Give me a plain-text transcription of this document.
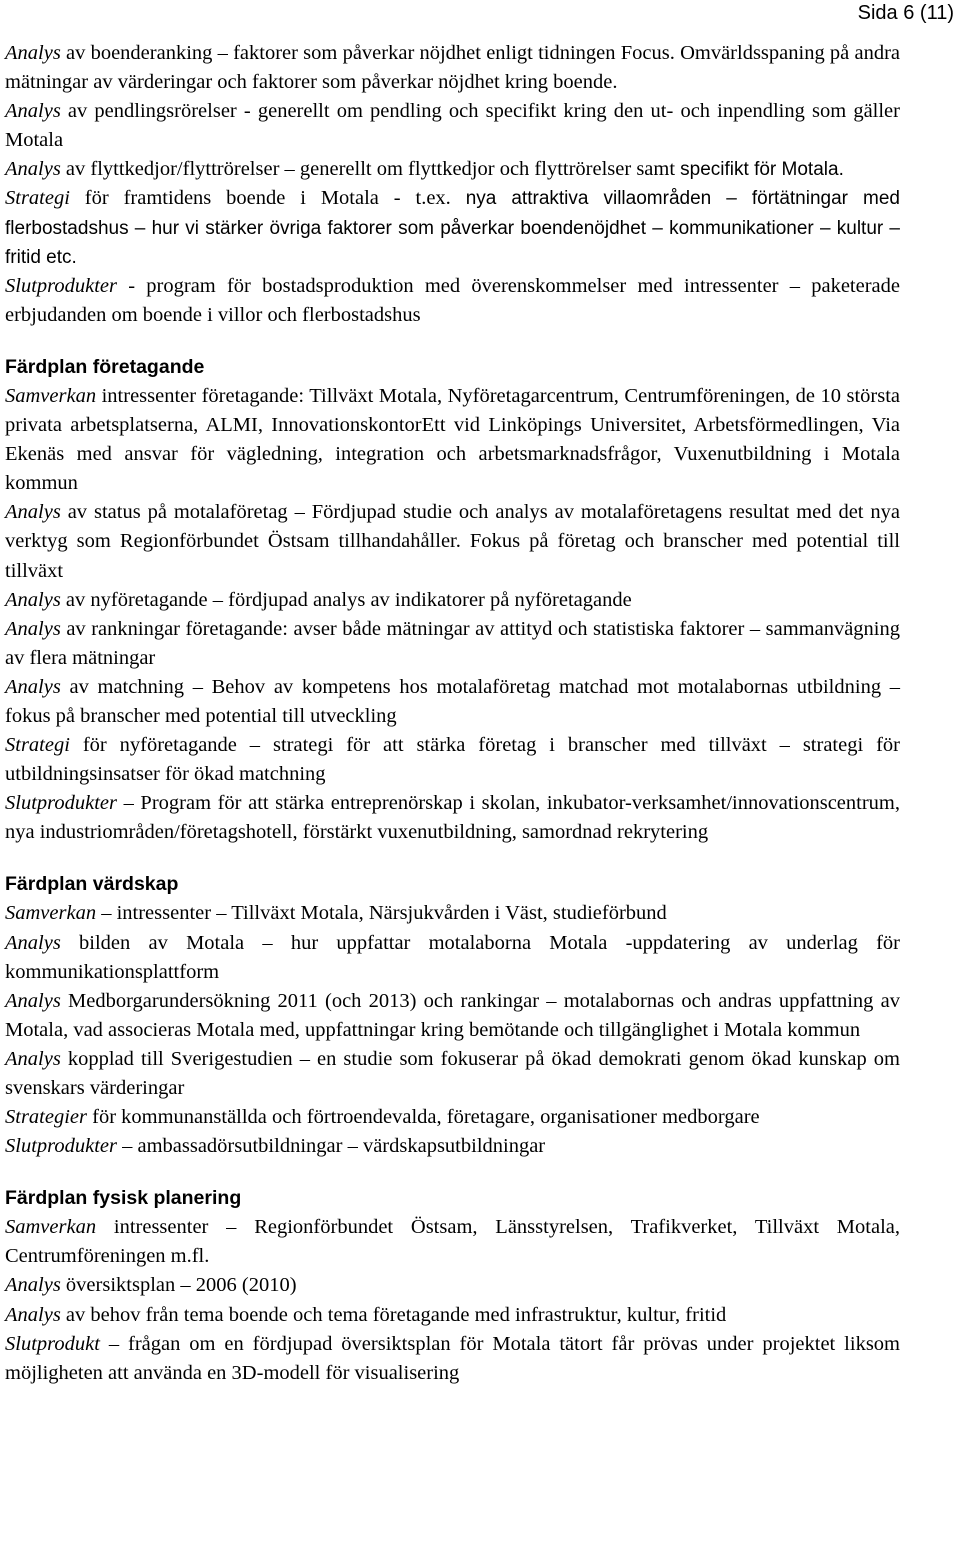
Sida 6 (11)

Analys av boenderanking – faktorer som påverkar nöjdhet enligt tidningen Focus. Omvärldsspaning på andra mätningar av värderingar och faktorer som påverkar nöjdhet kring boende.

Analys av pendlingsrörelser - generellt om pendling och specifikt kring den ut- och inpendling som gäller Motala

Analys av flyttkedjor/flyttrörelser – generellt om flyttkedjor och flyttrörelser samt specifikt för Motala.

Strategi för framtidens boende i Motala - t.ex. nya attraktiva villaområden – förtätningar med flerbostadshus – hur vi stärker övriga faktorer som påverkar boendenöjdhet – kommunikationer – kultur – fritid etc.

Slutprodukter - program för bostadsproduktion med överenskommelser med intressenter – paketerade erbjudanden om boende i villor och flerbostadshus

Färdplan företagande

Samverkan intressenter företagande: Tillväxt Motala, Nyföretagarcentrum, Centrumföreningen, de 10 största privata arbetsplatserna, ALMI, InnovationskontorEtt vid Linköpings Universitet, Arbetsförmedlingen, Via Ekenäs med ansvar för vägledning, integration och arbetsmarknadsfrågor, Vuxenutbildning i Motala kommun

Analys av status på motalaföretag – Fördjupad studie och analys av motalaföretagens resultat med det nya verktyg som Regionförbundet Östsam tillhandahåller. Fokus på företag och branscher med potential till tillväxt

Analys av nyföretagande – fördjupad analys av indikatorer på nyföretagande

Analys av rankningar företagande: avser både mätningar av attityd och statistiska faktorer – sammanvägning av flera mätningar

Analys av matchning – Behov av kompetens hos motalaföretag matchad mot motalabornas utbildning – fokus på branscher med potential till utveckling

Strategi för nyföretagande – strategi för att stärka företag i branscher med tillväxt – strategi för utbildningsinsatser för ökad matchning

Slutprodukter – Program för att stärka entreprenörskap i skolan, inkubator-verksamhet/innovationscentrum, nya industriområden/företagshotell, förstärkt vuxenutbildning, samordnad rekrytering

Färdplan värdskap

Samverkan – intressenter – Tillväxt Motala, Närsjukvården i Väst, studieförbund

Analys bilden av Motala – hur uppfattar motalaborna Motala -uppdatering av underlag för kommunikationsplattform

Analys Medborgarundersökning 2011 (och 2013) och rankingar – motalabornas och andras uppfattning av Motala, vad associeras Motala med, uppfattningar kring bemötande och tillgänglighet i Motala kommun

Analys kopplad till Sverigestudien – en studie som fokuserar på ökad demokrati genom ökad kunskap om svenskars värderingar

Strategier för kommunanställda och förtroendevalda, företagare, organisationer medborgare

Slutprodukter – ambassadörsutbildningar – värdskapsutbildningar

Färdplan fysisk planering

Samverkan intressenter – Regionförbundet Östsam, Länsstyrelsen, Trafikverket, Tillväxt Motala, Centrumföreningen m.fl.

Analys översiktsplan – 2006 (2010)

Analys av behov från tema boende och tema företagande med infrastruktur, kultur, fritid

Slutprodukt – frågan om en fördjupad översiktsplan för Motala tätort får prövas under projektet liksom möjligheten att använda en 3D-modell för visualisering
